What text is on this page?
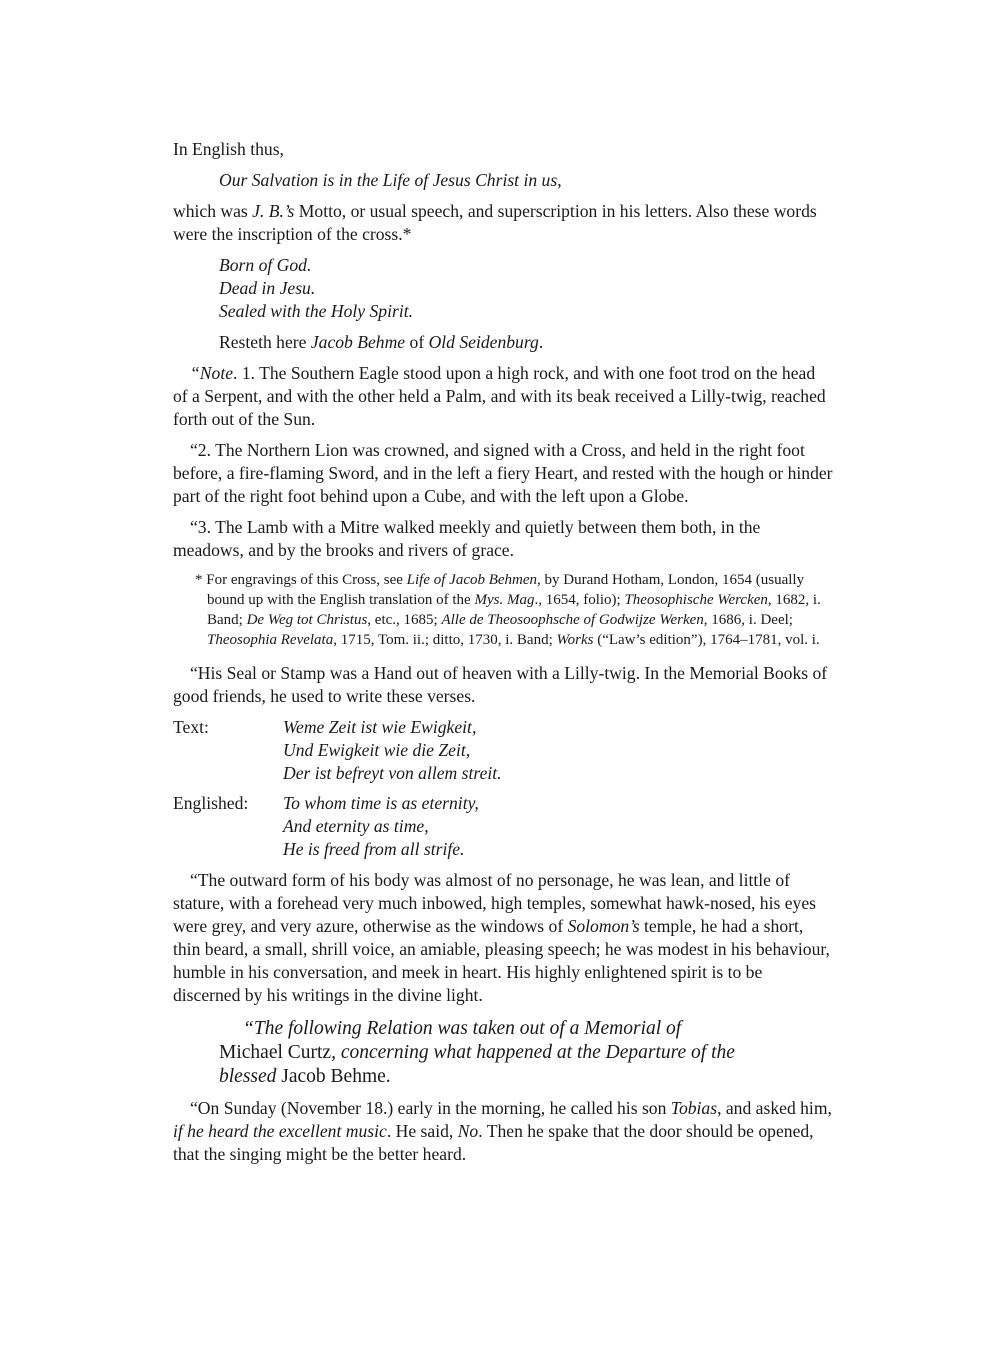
In English thus,

Our Salvation is in the Life of Jesus Christ in us,

which was J. B.’s Motto, or usual speech, and superscription in his letters. Also these words were the inscription of the cross.*

Born of God.
Dead in Jesu.
Sealed with the Holy Spirit.

Resteth here Jacob Behme of Old Seidenburg.

“Note. 1. The Southern Eagle stood upon a high rock, and with one foot trod on the head of a Serpent, and with the other held a Palm, and with its beak received a Lilly-twig, reached forth out of the Sun.

“2. The Northern Lion was crowned, and signed with a Cross, and held in the right foot before, a fire-flaming Sword, and in the left a fiery Heart, and rested with the hough or hinder part of the right foot behind upon a Cube, and with the left upon a Globe.

“3. The Lamb with a Mitre walked meekly and quietly between them both, in the meadows, and by the brooks and rivers of grace.

* For engravings of this Cross, see Life of Jacob Behmen, by Durand Hotham, London, 1654 (usually bound up with the English translation of the Mys. Mag., 1654, folio); Theosophische Wercken, 1682, i. Band; De Weg tot Christus, etc., 1685; Alle de Theosoophsche of Godwijze Werken, 1686, i. Deel; Theosophia Revelata, 1715, Tom. ii.; ditto, 1730, i. Band; Works (“Law’s edition”), 1764–1781, vol. i.

“His Seal or Stamp was a Hand out of heaven with a Lilly-twig. In the Memorial Books of good friends, he used to write these verses.

Text:	Weme Zeit ist wie Ewigkeit,
Und Ewigkeit wie die Zeit,
Der ist befreyt von allem streit.
Englished:	To whom time is as eternity,
And eternity as time,
He is freed from all strife.

“The outward form of his body was almost of no personage, he was lean, and little of stature, with a forehead very much inbowed, high temples, somewhat hawk-nosed, his eyes were grey, and very azure, otherwise as the windows of Solomon’s temple, he had a short, thin beard, a small, shrill voice, an amiable, pleasing speech; he was modest in his behaviour, humble in his conversation, and meek in heart. His highly enlightened spirit is to be discerned by his writings in the divine light.

“The following Relation was taken out of a Memorial of
Michael Curtz, concerning what happened at the Departure of the blessed Jacob Behme.

“On Sunday (November 18.) early in the morning, he called his son Tobias, and asked him, if he heard the excellent music. He said, No. Then he spake that the door should be opened, that the singing might be the better heard.
